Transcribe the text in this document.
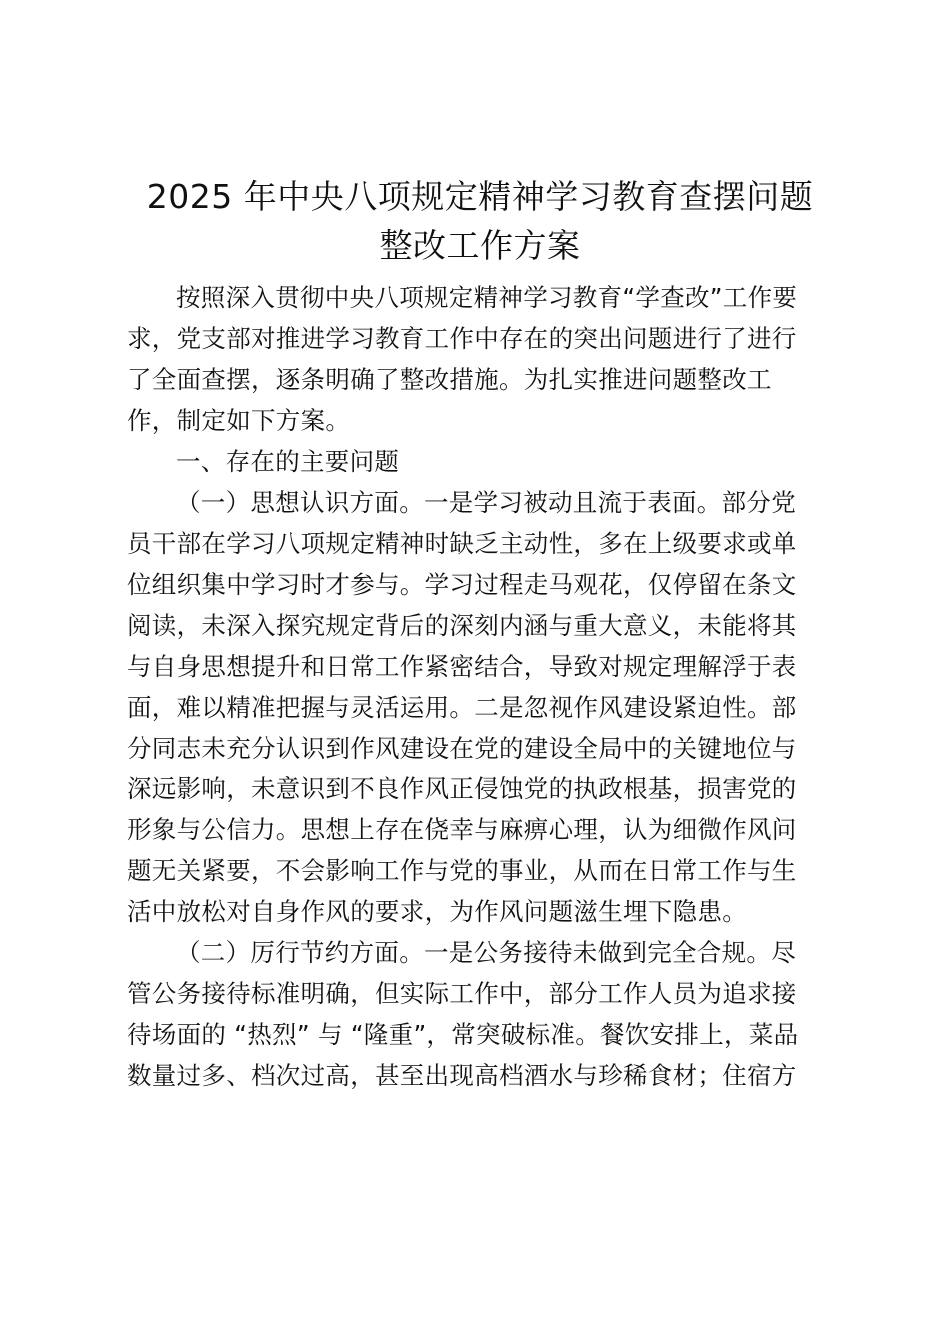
2025 年中央八项规定精神学习教育查摆问题
整改工作方案
按照深入贯彻中央八项规定精神学习教育“学查改”工作要
求，党支部对推进学习教育工作中存在的突出问题进行了进行
了全面查摆，逐条明确了整改措施。为扎实推进问题整改工
作，制定如下方案。
一、存在的主要问题
（一）思想认识方面。一是学习被动且流于表面。部分党
员干部在学习八项规定精神时缺乏主动性，多在上级要求或单
位组织集中学习时才参与。学习过程走马观花，仅停留在条文
阅读，未深入探究规定背后的深刻内涵与重大意义，未能将其
与自身思想提升和日常工作紧密结合，导致对规定理解浮于表
面，难以精准把握与灵活运用。二是忽视作风建设紧迫性。部
分同志未充分认识到作风建设在党的建设全局中的关键地位与
深远影响，未意识到不良作风正侵蚀党的执政根基，损害党的
形象与公信力。思想上存在侥幸与麻痹心理，认为细微作风问
题无关紧要，不会影响工作与党的事业，从而在日常工作与生
活中放松对自身作风的要求，为作风问题滋生埋下隐患。
（二）厉行节约方面。一是公务接待未做到完全合规。尽
管公务接待标准明确，但实际工作中，部分工作人员为追求接
待场面的 “热烈” 与 “隆重”，常突破标准。餐饮安排上，菜品
数量过多、档次过高，甚至出现高档酒水与珍稀食材；住宿方
